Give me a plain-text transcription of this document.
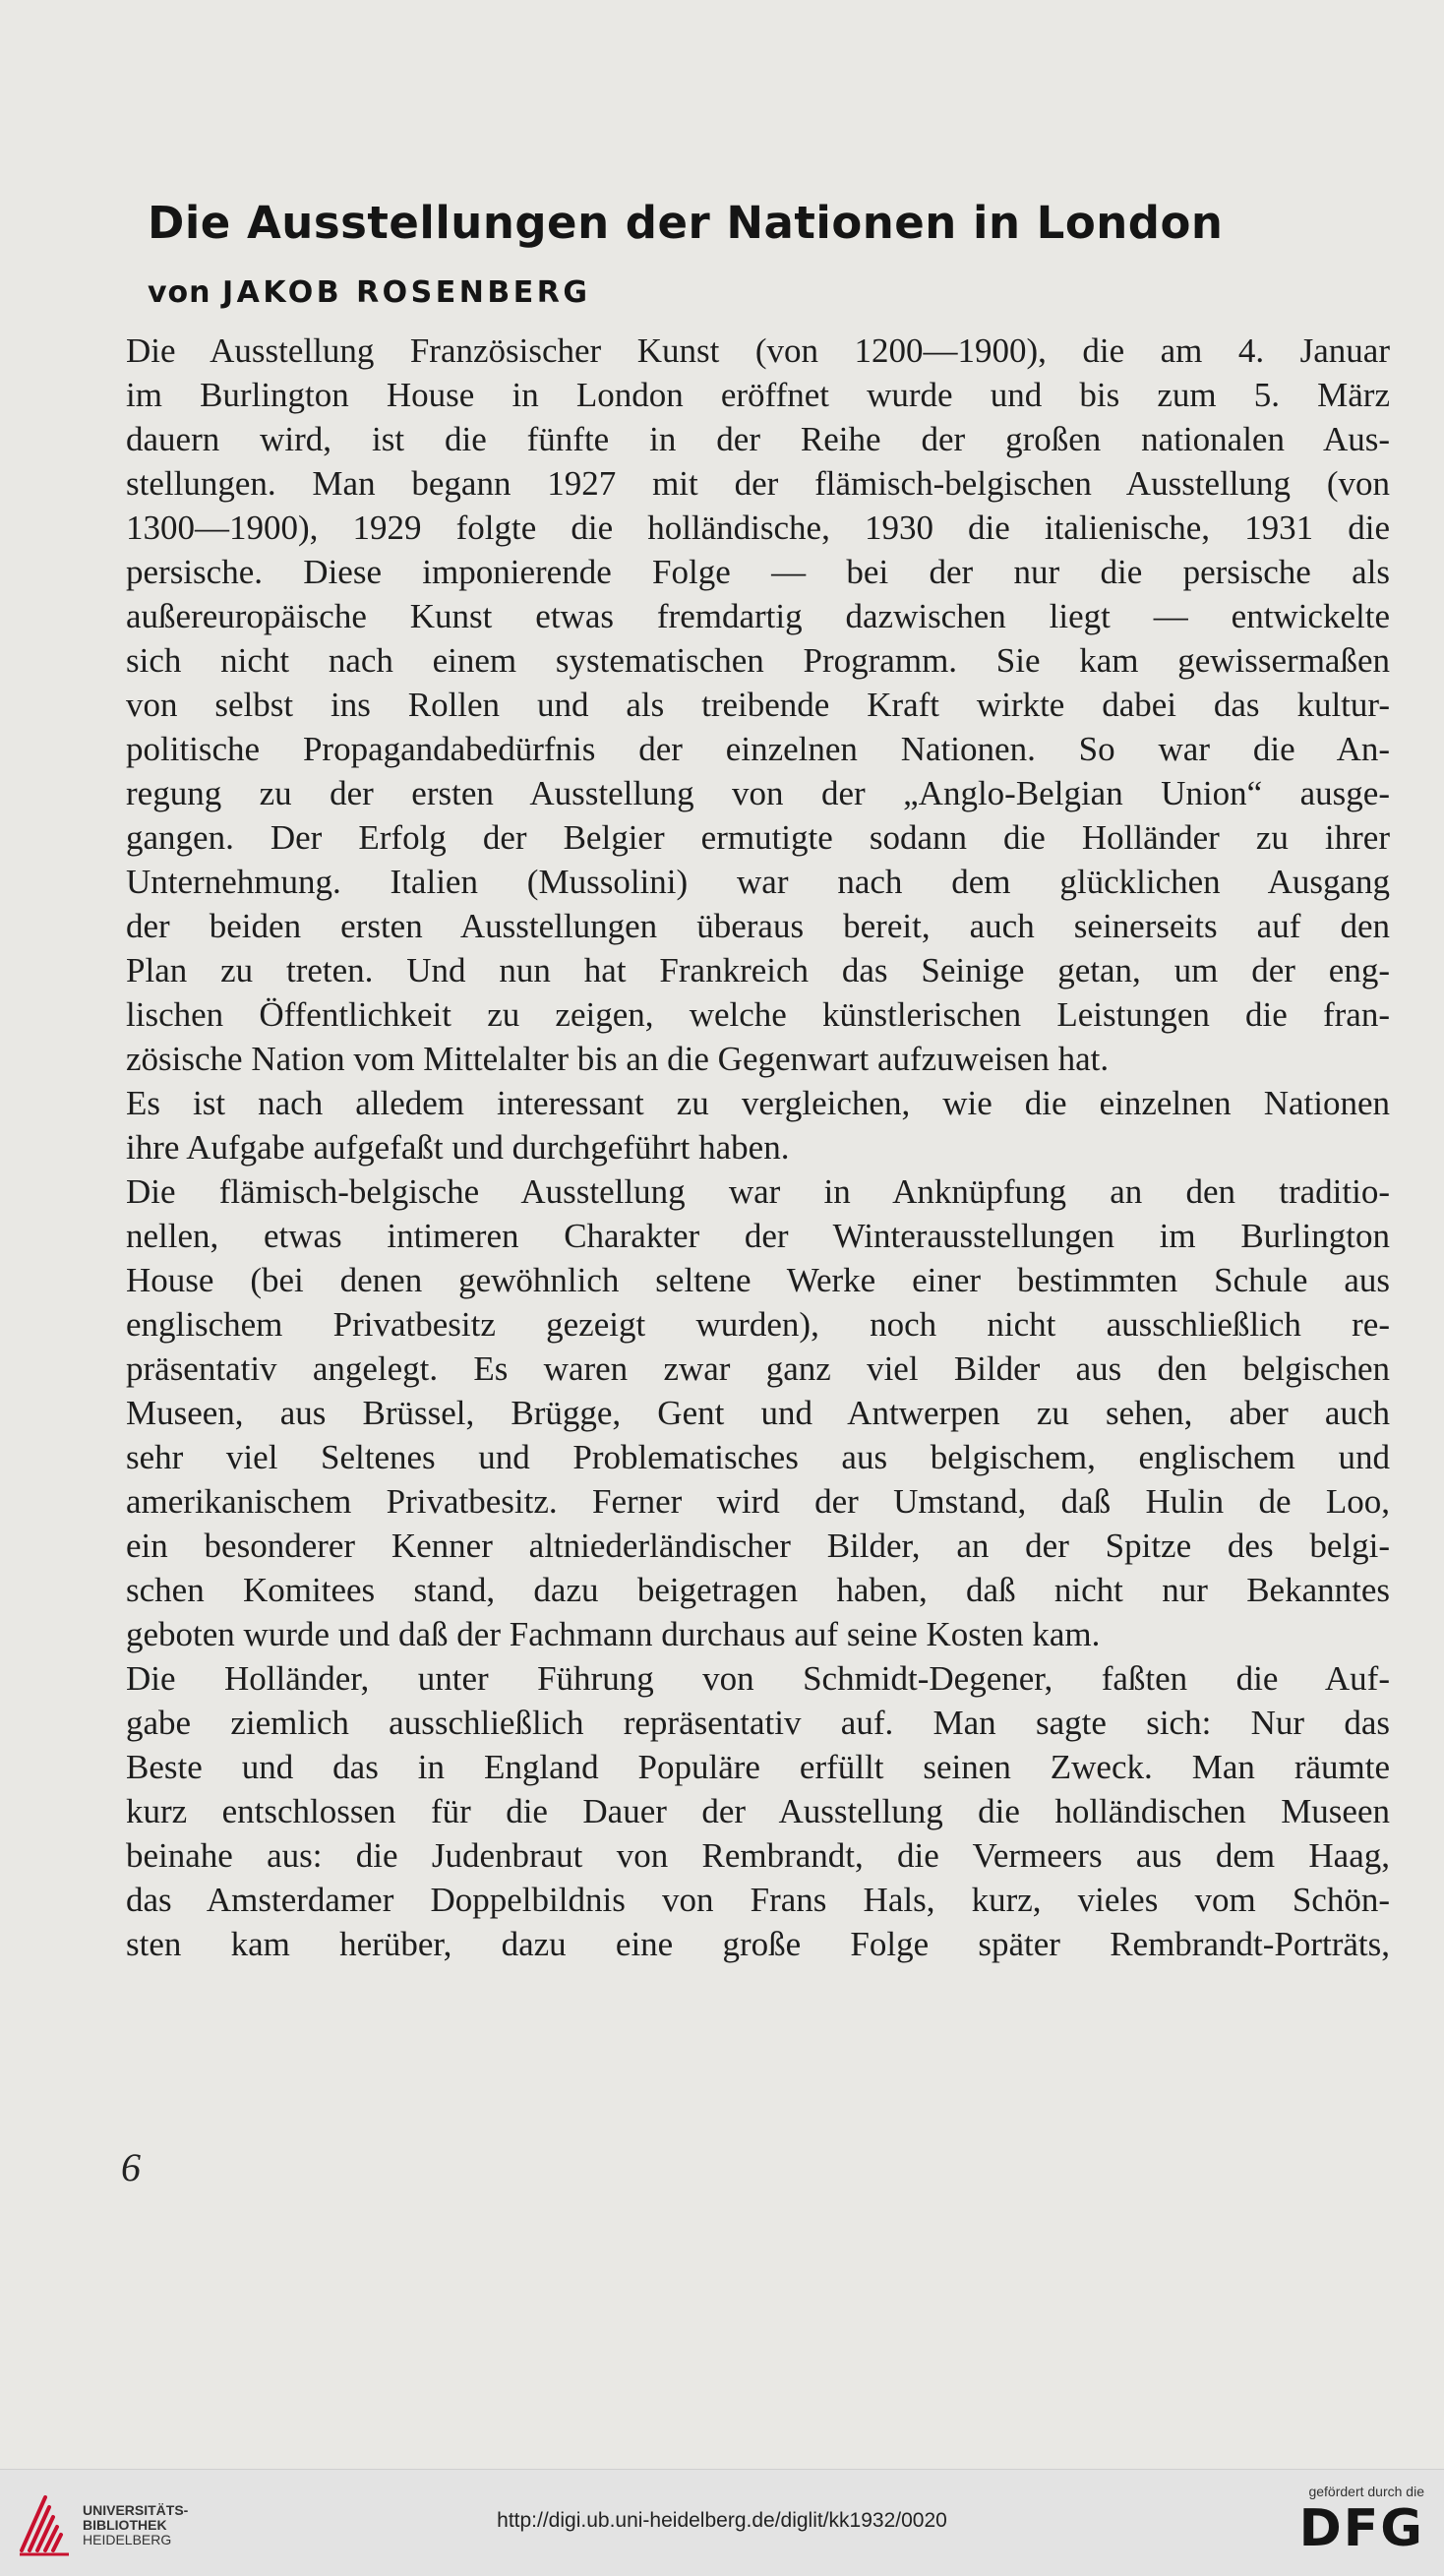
Die Ausstellungen der Nationen in London

von JAKOB ROSENBERG

Die Ausstellung Französischer Kunst (von 1200—1900), die am 4. Januar
im Burlington House in London eröffnet wurde und bis zum 5. März
dauern wird, ist die fünfte in der Reihe der großen nationalen Aus-
stellungen. Man begann 1927 mit der flämisch-belgischen Ausstellung (von
1300—1900), 1929 folgte die holländische, 1930 die italienische, 1931 die
persische. Diese imponierende Folge — bei der nur die persische als
außereuropäische Kunst etwas fremdartig dazwischen liegt — entwickelte
sich nicht nach einem systematischen Programm. Sie kam gewissermaßen
von selbst ins Rollen und als treibende Kraft wirkte dabei das kultur-
politische Propagandabedürfnis der einzelnen Nationen. So war die An-
regung zu der ersten Ausstellung von der „Anglo-Belgian Union“ ausge-
gangen. Der Erfolg der Belgier ermutigte sodann die Holländer zu ihrer
Unternehmung. Italien (Mussolini) war nach dem glücklichen Ausgang
der beiden ersten Ausstellungen überaus bereit, auch seinerseits auf den
Plan zu treten. Und nun hat Frankreich das Seinige getan, um der eng-
lischen Öffentlichkeit zu zeigen, welche künstlerischen Leistungen die fran-
zösische Nation vom Mittelalter bis an die Gegenwart aufzuweisen hat.
Es ist nach alledem interessant zu vergleichen, wie die einzelnen Nationen
ihre Aufgabe aufgefaßt und durchgeführt haben.
Die flämisch-belgische Ausstellung war in Anknüpfung an den traditio-
nellen, etwas intimeren Charakter der Winterausstellungen im Burlington
House (bei denen gewöhnlich seltene Werke einer bestimmten Schule aus
englischem Privatbesitz gezeigt wurden), noch nicht ausschließlich re-
präsentativ angelegt. Es waren zwar ganz viel Bilder aus den belgischen
Museen, aus Brüssel, Brügge, Gent und Antwerpen zu sehen, aber auch
sehr viel Seltenes und Problematisches aus belgischem, englischem und
amerikanischem Privatbesitz. Ferner wird der Umstand, daß Hulin de Loo,
ein besonderer Kenner altniederländischer Bilder, an der Spitze des belgi-
schen Komitees stand, dazu beigetragen haben, daß nicht nur Bekanntes
geboten wurde und daß der Fachmann durchaus auf seine Kosten kam.
Die Holländer, unter Führung von Schmidt-Degener, faßten die Auf-
gabe ziemlich ausschließlich repräsentativ auf. Man sagte sich: Nur das
Beste und das in England Populäre erfüllt seinen Zweck. Man räumte
kurz entschlossen für die Dauer der Ausstellung die holländischen Museen
beinahe aus: die Judenbraut von Rembrandt, die Vermeers aus dem Haag,
das Amsterdamer Doppelbildnis von Frans Hals, kurz, vieles vom Schön-
sten kam herüber, dazu eine große Folge später Rembrandt-Porträts,

6

UNIVERSITÄTS-
BIBLIOTHEK
HEIDELBERG
http://digi.ub.uni-heidelberg.de/diglit/kk1932/0020
gefördert durch die
DFG
